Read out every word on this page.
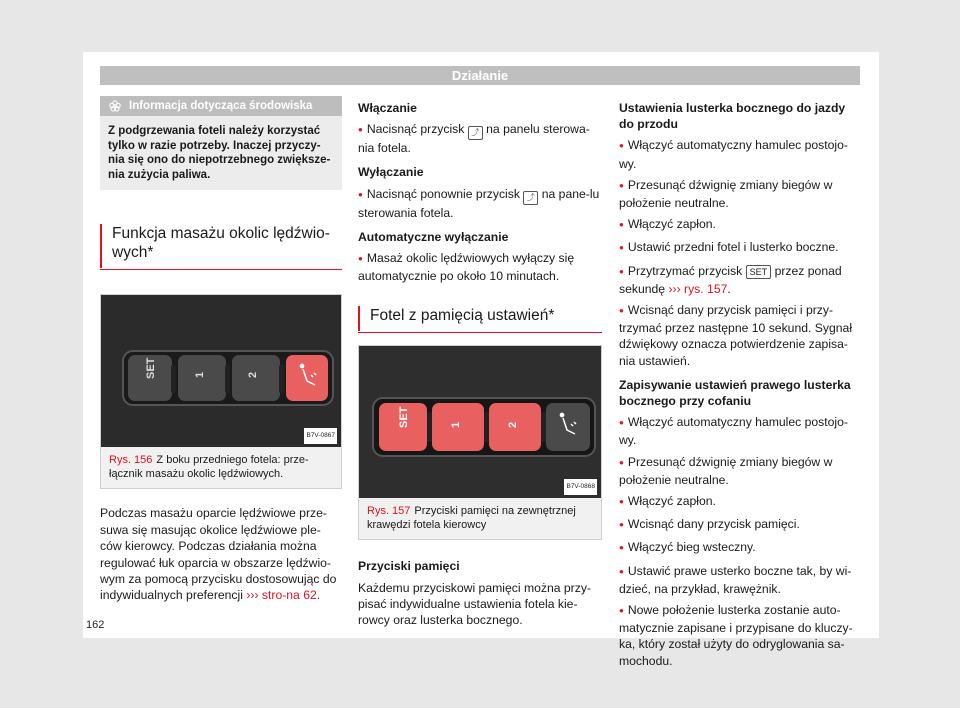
Działanie
Informacja dotycząca środowiska
Z podgrzewania foteli należy korzystać tylko w razie potrzeby. Inaczej przyczy-nia się ono do niepotrzebnego zwiększe-nia zużycia paliwa.
Funkcja masażu okolic lędźwio-wych*
SET	1	2
B7V-0867
Rys. 156 Z boku przedniego fotela: prze-łącznik masażu okolic lędźwiowych.

Podczas masażu oparcie lędźwiowe prze-suwa się masując okolice lędźwiowe ple-ców kierowcy. Podczas działania można regulować łuk oparcia w obszarze lędźwio-wym za pomocą przycisku dostosowując do indywidualnych preferencji ››› stro-na 62.

Włączanie

● Nacisnąć przycisk ⤴ na panelu sterowa-nia fotela.

Wyłączanie

● Nacisnąć ponownie przycisk ⤴ na pane-lu sterowania fotela.

Automatyczne wyłączanie

● Masaż okolic lędźwiowych wyłączy się automatycznie po około 10 minutach.

Fotel z pamięcią ustawień*
SET	1	2
B7V-0868
Rys. 157 Przyciski pamięci na zewnętrznej krawędzi fotela kierowcy

Przyciski pamięci

Każdemu przyciskowi pamięci można przy-pisać indywidualne ustawienia fotela kie-rowcy oraz lusterka bocznego.

Ustawienia lusterka bocznego do jazdy do przodu

● Włączyć automatyczny hamulec postojo-wy.

● Przesunąć dźwignię zmiany biegów w położenie neutralne.

● Włączyć zapłon.

● Ustawić przedni fotel i lusterko boczne.

● Przytrzymać przycisk SET przez ponad sekundę ››› rys. 157.

● Wcisnąć dany przycisk pamięci i przy-trzymać przez następne 10 sekund. Sygnał dźwiękowy oznacza potwierdzenie zapisa-nia ustawień.

Zapisywanie ustawień prawego lusterka bocznego przy cofaniu

● Włączyć automatyczny hamulec postojo-wy.

● Przesunąć dźwignię zmiany biegów w położenie neutralne.

● Włączyć zapłon.

● Wcisnąć dany przycisk pamięci.

● Włączyć bieg wsteczny.

● Ustawić prawe usterko boczne tak, by wi-dzieć, na przykład, krawężnik.

● Nowe położenie lusterka zostanie auto-matycznie zapisane i przypisane do kluczy-ka, który został użyty do odryglowania sa-mochodu.

162
